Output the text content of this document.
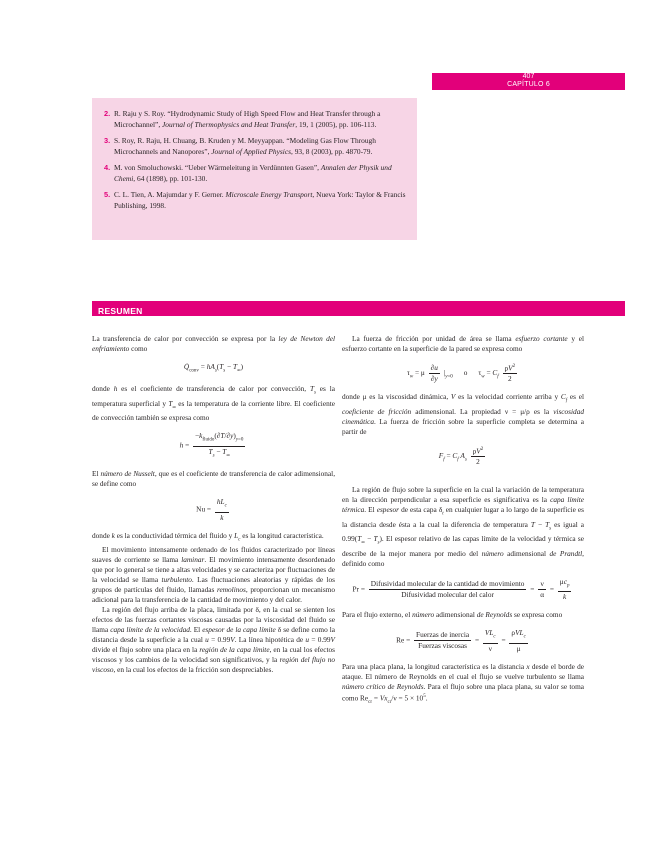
407
CAPÍTULO 6
2. R. Raju y S. Roy. “Hydrodynamic Study of High Speed Flow and Heat Transfer through a Microchannel”, Journal of Thermophysics and Heat Transfer, 19, 1 (2005), pp. 106-113.
3. S. Roy, R. Raju, H. Chuang, B. Kruden y M. Meyyappan. “Modeling Gas Flow Through Microchannels and Nanopores”, Journal of Applied Physics, 93, 8 (2003), pp. 4870-79.
4. M. von Smoluchowski. “Ueber Wärmeleitung in Verdünnten Gasen”, Annalen der Physik und Chemi, 64 (1898), pp. 101-130.
5. C. L. Tien, A. Majumdar y F. Gerner. Microscale Energy Transport, Nueva York: Taylor & Francis Publishing, 1998.
RESUMEN

La transferencia de calor por convección se expresa por la ley de Newton del enfriamiento como

$Q̇_{conv} = hA_s(T_s - T_\infty)$

donde h es el coeficiente de transferencia de calor por convección, $T_s$ es la temperatura superficial y $T_\infty$ es la temperatura de la corriente libre. El coeficiente de convección también se expresa como

$h = \frac{-k_{fluido}(\partial T/\partial y)_{y=0}}{T_s - T_\infty}$

El número de Nusselt, que es el coeficiente de transferencia de calor adimensional, se define como

$Nu = \frac{hL_c}{k}$

donde k es la conductividad térmica del fluido y $L_c$ es la longitud característica.

El movimiento intensamente ordenado de los fluidos caracterizado por líneas suaves de corriente se llama laminar. El movimiento intensamente desordenado que por lo general se tiene a altas velocidades y se caracteriza por fluctuaciones de la velocidad se llama turbulento. Las fluctuaciones aleatorias y rápidas de los grupos de partículas del fluido, llamadas remolinos, proporcionan un mecanismo adicional para la transferencia de la cantidad de movimiento y del calor.

La región del flujo arriba de la placa, limitada por δ, en la cual se sienten los efectos de las fuerzas cortantes viscosas causadas por la viscosidad del fluido se llama capa límite de la velocidad. El espesor de la capa límite δ se define como la distancia desde la superficie a la cual u = 0.99V. La línea hipotética de u = 0.99V divide el flujo sobre una placa en la región de la capa límite, en la cual los efectos viscosos y los cambios de la velocidad son significativos, y la región del flujo no viscoso, en la cual los efectos de la fricción son despreciables.

La fuerza de fricción por unidad de área se llama esfuerzo cortante y el esfuerzo cortante en la superficie de la pared se expresa como

$\tau_w = \mu \frac{\partial u}{\partial y} |_{y=0}$ o $\tau_w = C_f \frac{\rho V^2}{2}$

donde μ es la viscosidad dinámica, V es la velocidad corriente arriba y $C_f$ es el coeficiente de fricción adimensional. La propiedad ν = μ/ρ es la viscosidad cinemática. La fuerza de fricción sobre la superficie completa se determina a partir de

$F_f = C_f$ $A_s \frac{\rho V^2}{2}$

La región de flujo sobre la superficie en la cual la variación de la temperatura en la dirección perpendicular a esa superficie es significativa es la capa límite térmica. El espesor de esta capa $\delta_t$ en cualquier lugar a lo largo de la superficie es la distancia desde ésta a la cual la diferencia de temperatura $T - T_s$ es igual a $0.99(T_\infty - T_s)$. El espesor relativo de las capas límite de la velocidad y térmica se describe de la mejor manera por medio del número adimensional de Prandtl, definido como

$Pr = \frac{\text{Difusividad molecular de la cantidad de movimiento}}{\text{Difusividad molecular del calor}} = \frac{\nu}{\alpha} = \frac{\mu c_p}{k}$

Para el flujo externo, el número adimensional de Reynolds se expresa como

$Re = \frac{\text{Fuerzas de inercia}}{\text{Fuerzas viscosas}} = \frac{VL_c}{\nu} = \frac{\rho VL_c}{\mu}$

Para una placa plana, la longitud característica es la distancia x desde el borde de ataque. El número de Reynolds en el cual el flujo se vuelve turbulento se llama número crítico de Reynolds. Para el flujo sobre una placa plana, su valor se toma como $Re_{cr} = Vx_{cr}/\nu = 5 \times 10^5$.
